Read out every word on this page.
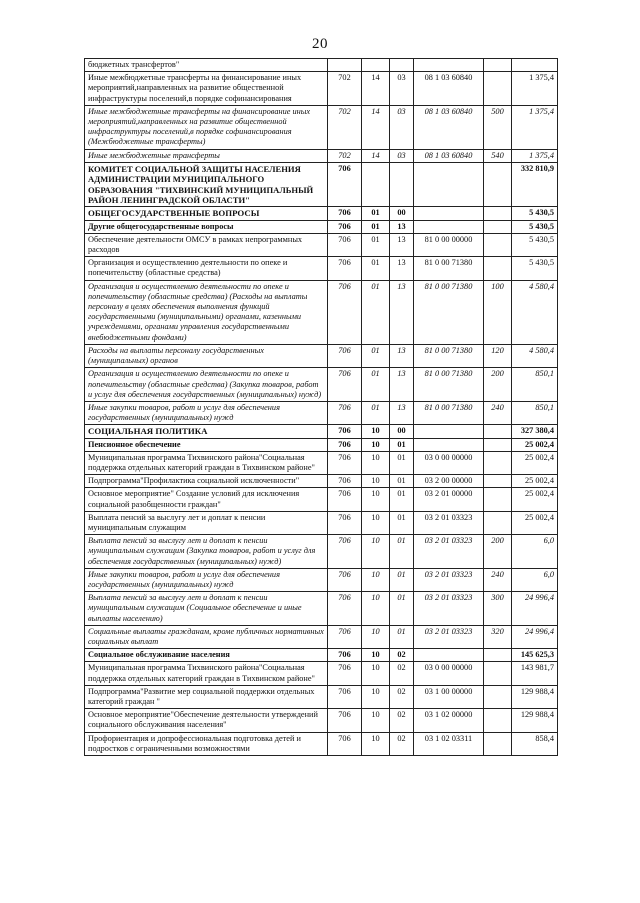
20
бюджетных трансфертов"						
Иные межбюджетные трансферты на финансирование иных мероприятий,направленных на развитие общественной инфраструктуры поселений,в порядке софинансирования	702	14	03	08 1 03 60840		1 375,4
Иные межбюджетные трансферты на финансирование иных мероприятий,направленных на развитие общественной инфраструктуры поселений,в порядке софинансирования (Межбюджетные трансферты)	702	14	03	08 1 03 60840	500	1 375,4
Иные межбюджетные трансферты	702	14	03	08 1 03 60840	540	1 375,4
КОМИТЕТ СОЦИАЛЬНОЙ ЗАЩИТЫ НАСЕЛЕНИЯ АДМИНИСТРАЦИИ МУНИЦИПАЛЬНОГО ОБРАЗОВАНИЯ "ТИХВИНСКИЙ МУНИЦИПАЛЬНЫЙ РАЙОН ЛЕНИНГРАДСКОЙ ОБЛАСТИ"	706					332 810,9
ОБЩЕГОСУДАРСТВЕННЫЕ ВОПРОСЫ	706	01	00			5 430,5
Другие общегосударственные вопросы	706	01	13			5 430,5
Обеспечение деятельности ОМСУ в рамках непрограммных расходов	706	01	13	81 0 00 00000		5 430,5
Организация и осуществлению деятельности по опеке и попечительству (областные средства)	706	01	13	81 0 00 71380		5 430,5
Организация и осуществлению деятельности по опеке и попечительству (областные средства) (Расходы на выплаты персоналу в целях обеспечения выполнения функций государственными (муниципальными) органами, казенными учреждениями, органами управления государственными внебюджетными фондами)	706	01	13	81 0 00 71380	100	4 580,4
Расходы на выплаты персоналу государственных (муниципальных) органов	706	01	13	81 0 00 71380	120	4 580,4
Организация и осуществлению деятельности по опеке и попечительству (областные средства) (Закупка товаров, работ и услуг для обеспечения государственных (муниципальных) нужд)	706	01	13	81 0 00 71380	200	850,1
Иные закупки товаров, работ и услуг для обеспечения государственных (муниципальных) нужд	706	01	13	81 0 00 71380	240	850,1
СОЦИАЛЬНАЯ ПОЛИТИКА	706	10	00			327 380,4
Пенсионное обеспечение	706	10	01			25 002,4
Муниципальная программа Тихвинского района"Социальная поддержка отдельных категорий граждан в Тихвинском районе"	706	10	01	03 0 00 00000		25 002,4
Подпрограмма"Профилактика социальной исключенности"	706	10	01	03 2 00 00000		25 002,4
Основное мероприятие" Создание условий для исключения социальной разобщенности граждан"	706	10	01	03 2 01 00000		25 002,4
Выплата пенсий за выслугу лет и доплат к пенсии муниципальным служащим	706	10	01	03 2 01 03323		25 002,4
Выплата пенсий за выслугу лет и доплат к пенсии муниципальным служащим (Закупка товаров, работ и услуг для обеспечения государственных (муниципальных) нужд)	706	10	01	03 2 01 03323	200	6,0
Иные закупки товаров, работ и услуг для обеспечения государственных (муниципальных) нужд	706	10	01	03 2 01 03323	240	6,0
Выплата пенсий за выслугу лет и доплат к пенсии муниципальным служащим (Социальное обеспечение и иные выплаты населению)	706	10	01	03 2 01 03323	300	24 996,4
Социальные выплаты гражданам, кроме публичных нормативных социальных выплат	706	10	01	03 2 01 03323	320	24 996,4
Социальное обслуживание населения	706	10	02			145 625,3
Муниципальная программа Тихвинского района"Социальная поддержка отдельных категорий граждан в Тихвинском районе"	706	10	02	03 0 00 00000		143 981,7
Подпрограмма"Развитие мер социальной поддержки отдельных категорий граждан "	706	10	02	03 1 00 00000		129 988,4
Основное мероприятие"Обеспечение деятельности утверждений социального обслуживания населения"	706	10	02	03 1 02 00000		129 988,4
Профориентация и допрофессиональная подготовка детей и подростков с ограниченными возможностями	706	10	02	03 1 02 03311		858,4
